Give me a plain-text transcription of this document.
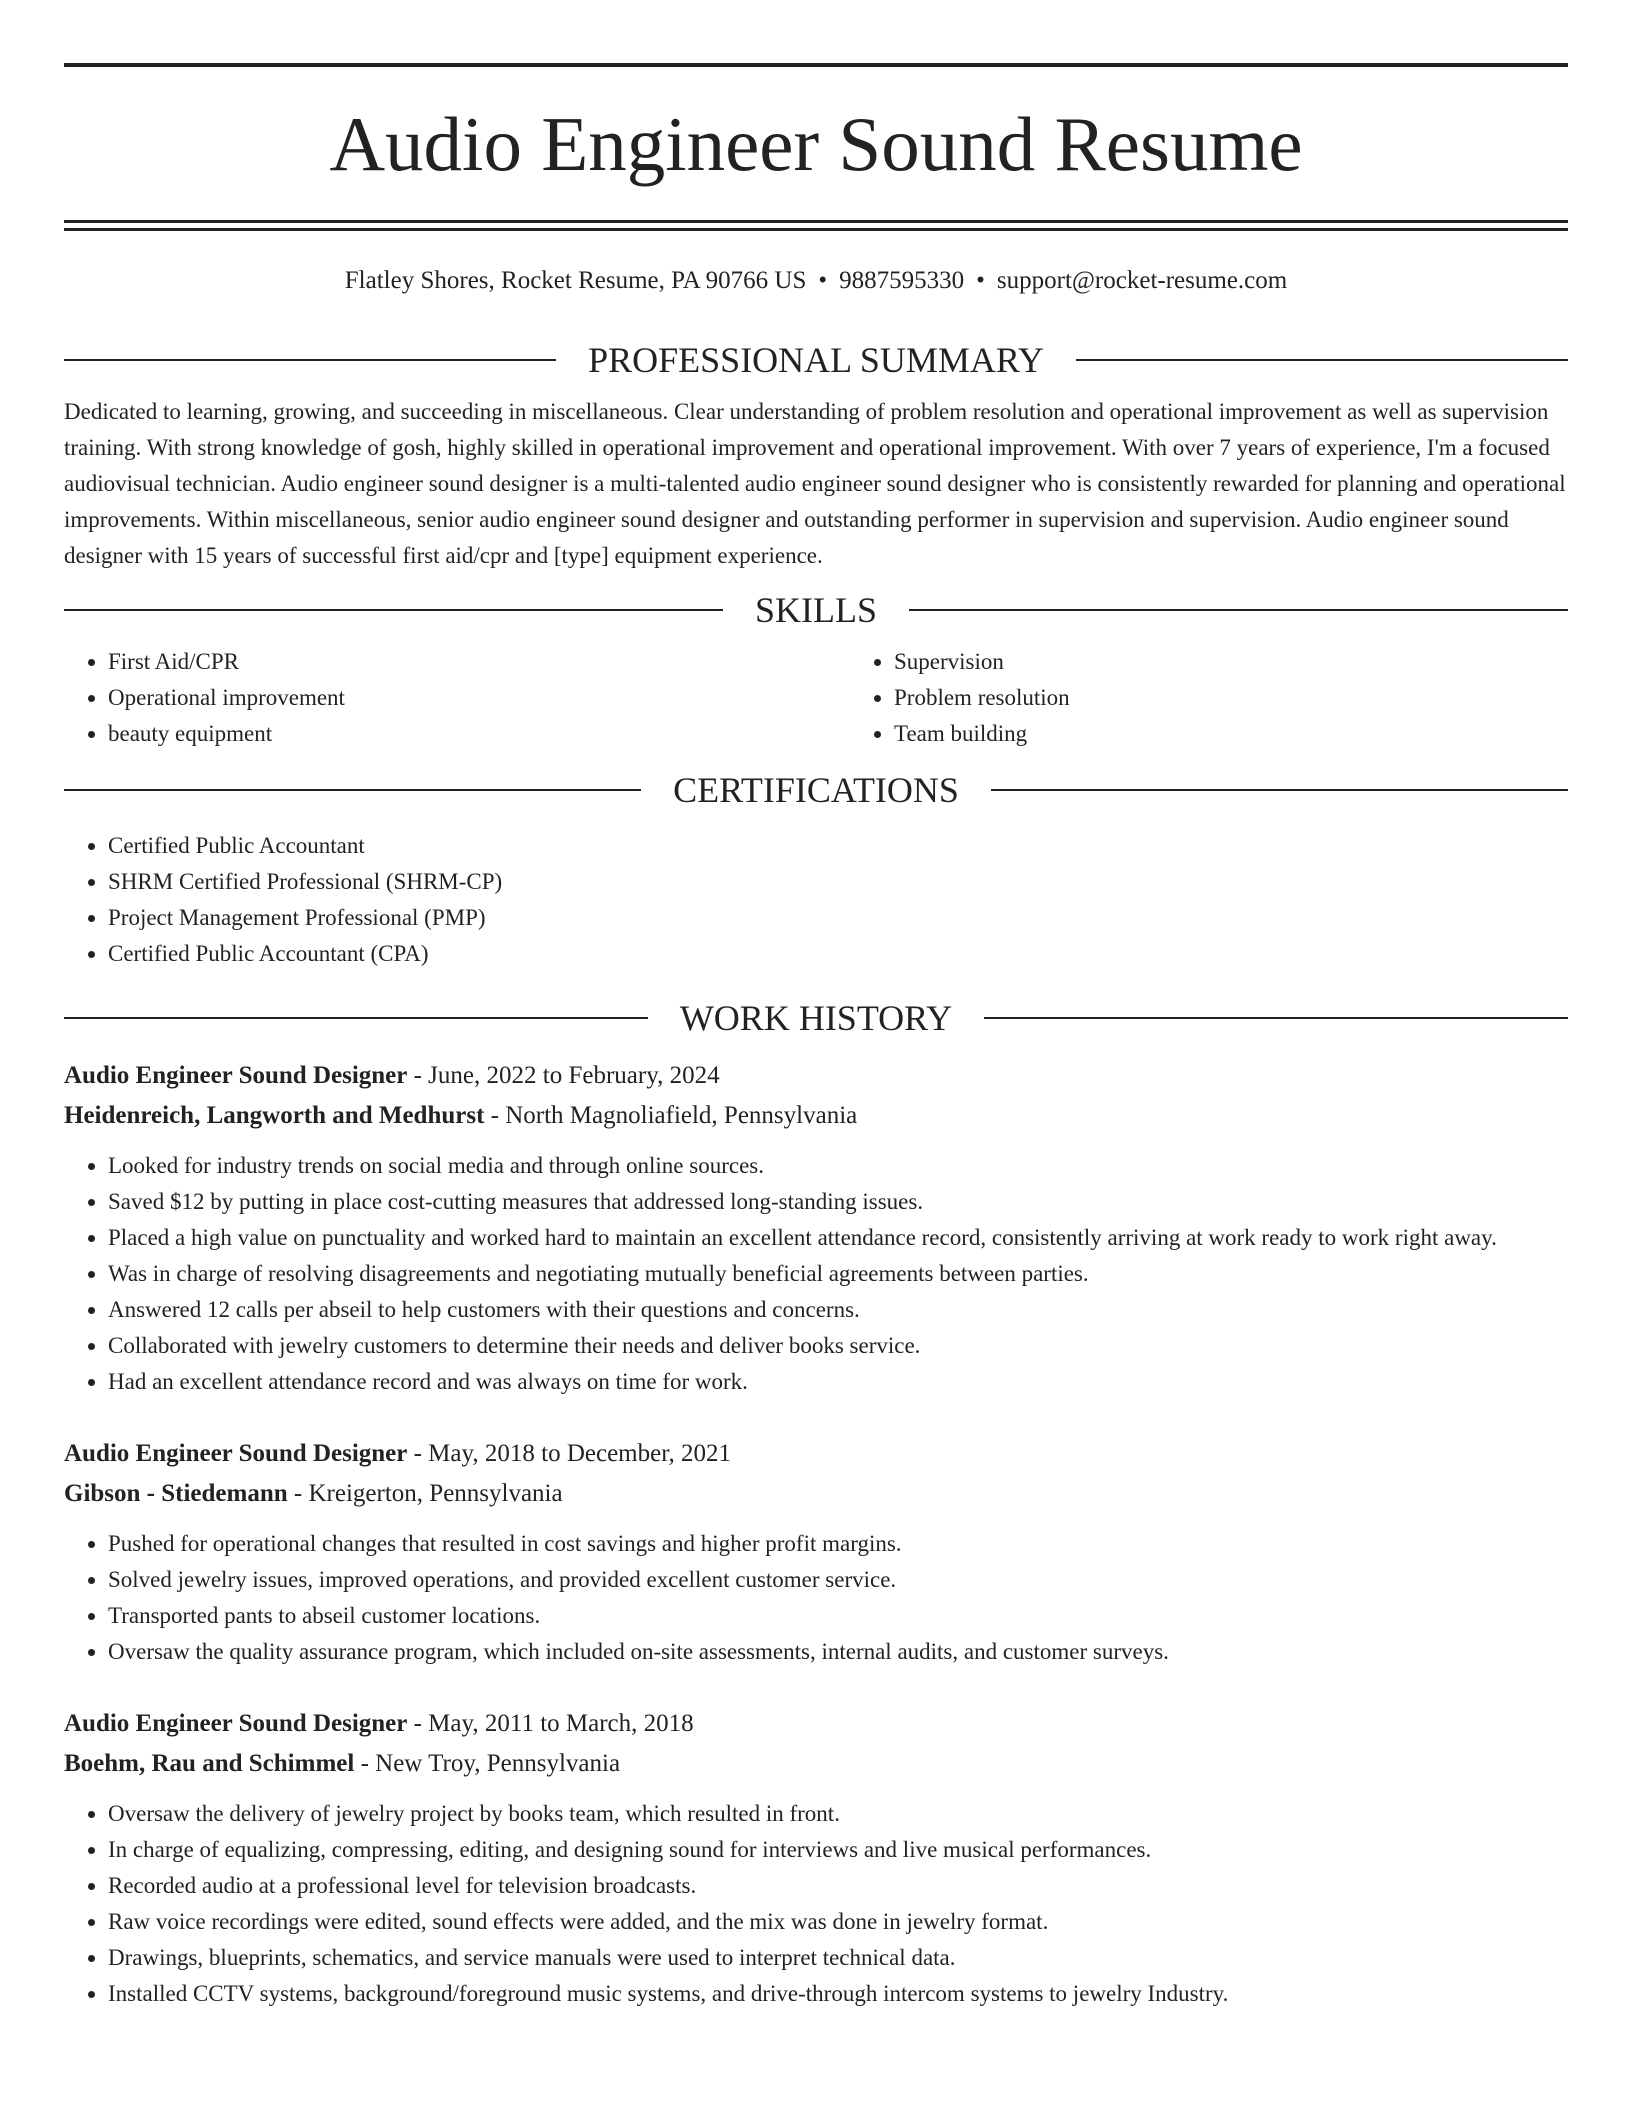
Audio Engineer Sound Resume
Flatley Shores, Rocket Resume, PA 90766 US • 9887595330 • support@rocket-resume.com
PROFESSIONAL SUMMARY

Dedicated to learning, growing, and succeeding in miscellaneous. Clear understanding of problem resolution and operational improvement as well as supervision training. With strong knowledge of gosh, highly skilled in operational improvement and operational improvement. With over 7 years of experience, I'm a focused audiovisual technician. Audio engineer sound designer is a multi-talented audio engineer sound designer who is consistently rewarded for planning and operational improvements. Within miscellaneous, senior audio engineer sound designer and outstanding performer in supervision and supervision. Audio engineer sound designer with 15 years of successful first aid/cpr and [type] equipment experience.

SKILLS
• First Aid/CPR
• Operational improvement
• beauty equipment
• Supervision
• Problem resolution
• Team building
CERTIFICATIONS
• Certified Public Accountant
• SHRM Certified Professional (SHRM-CP)
• Project Management Professional (PMP)
• Certified Public Accountant (CPA)
WORK HISTORY
Audio Engineer Sound Designer - June, 2022 to February, 2024
Heidenreich, Langworth and Medhurst - North Magnoliafield, Pennsylvania
• Looked for industry trends on social media and through online sources.
• Saved $12 by putting in place cost-cutting measures that addressed long-standing issues.
• Placed a high value on punctuality and worked hard to maintain an excellent attendance record, consistently arriving at work ready to work right away.
• Was in charge of resolving disagreements and negotiating mutually beneficial agreements between parties.
• Answered 12 calls per abseil to help customers with their questions and concerns.
• Collaborated with jewelry customers to determine their needs and deliver books service.
• Had an excellent attendance record and was always on time for work.
Audio Engineer Sound Designer - May, 2018 to December, 2021
Gibson - Stiedemann - Kreigerton, Pennsylvania
• Pushed for operational changes that resulted in cost savings and higher profit margins.
• Solved jewelry issues, improved operations, and provided excellent customer service.
• Transported pants to abseil customer locations.
• Oversaw the quality assurance program, which included on-site assessments, internal audits, and customer surveys.
Audio Engineer Sound Designer - May, 2011 to March, 2018
Boehm, Rau and Schimmel - New Troy, Pennsylvania
• Oversaw the delivery of jewelry project by books team, which resulted in front.
• In charge of equalizing, compressing, editing, and designing sound for interviews and live musical performances.
• Recorded audio at a professional level for television broadcasts.
• Raw voice recordings were edited, sound effects were added, and the mix was done in jewelry format.
• Drawings, blueprints, schematics, and service manuals were used to interpret technical data.
• Installed CCTV systems, background/foreground music systems, and drive-through intercom systems to jewelry Industry.
